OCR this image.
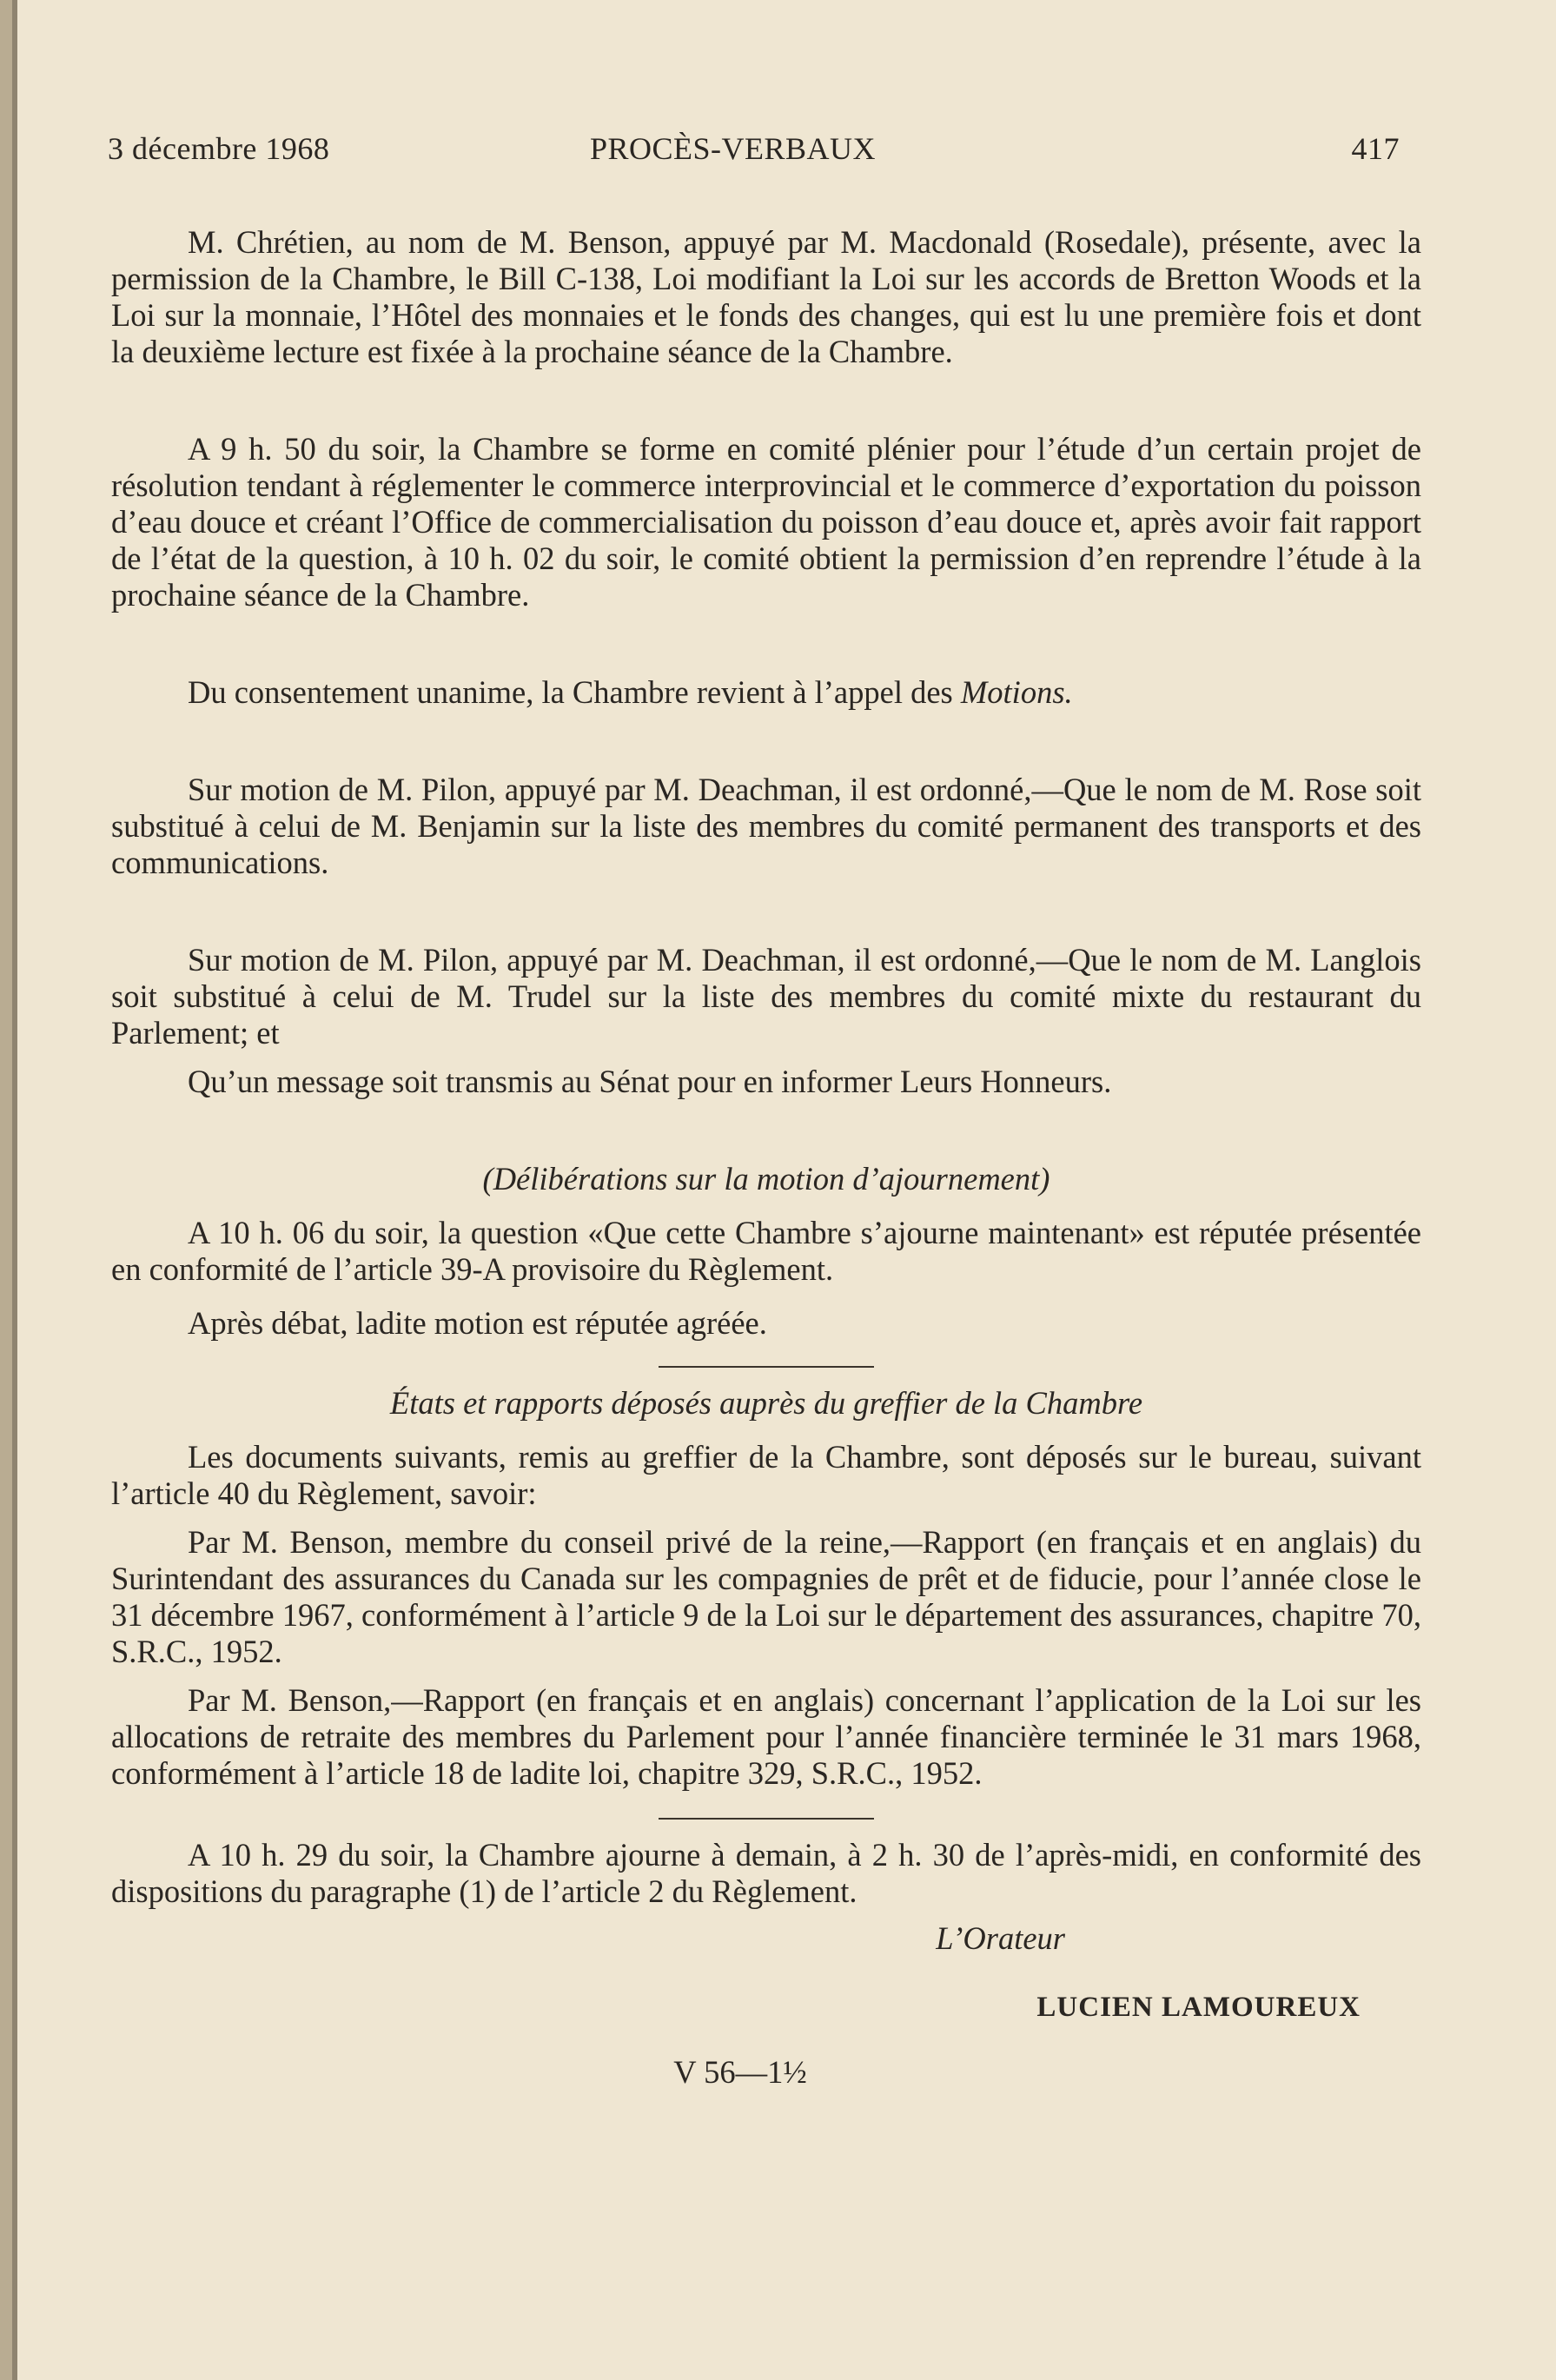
3 décembre 1968	PROCÈS-VERBAUX	417

M. Chrétien, au nom de M. Benson, appuyé par M. Macdonald (Rosedale), présente, avec la permission de la Chambre, le Bill C-138, Loi modifiant la Loi sur les accords de Bretton Woods et la Loi sur la monnaie, l’Hôtel des monnaies et le fonds des changes, qui est lu une première fois et dont la deuxième lecture est fixée à la prochaine séance de la Chambre.

A 9 h. 50 du soir, la Chambre se forme en comité plénier pour l’étude d’un certain projet de résolution tendant à réglementer le commerce interprovincial et le commerce d’exportation du poisson d’eau douce et créant l’Office de commercialisation du poisson d’eau douce et, après avoir fait rapport de l’état de la question, à 10 h. 02 du soir, le comité obtient la permission d’en reprendre l’étude à la prochaine séance de la Chambre.

Du consentement unanime, la Chambre revient à l’appel des Motions.

Sur motion de M. Pilon, appuyé par M. Deachman, il est ordonné,—Que le nom de M. Rose soit substitué à celui de M. Benjamin sur la liste des membres du comité permanent des transports et des communications.

Sur motion de M. Pilon, appuyé par M. Deachman, il est ordonné,—Que le nom de M. Langlois soit substitué à celui de M. Trudel sur la liste des membres du comité mixte du restaurant du Parlement; et

Qu’un message soit transmis au Sénat pour en informer Leurs Honneurs.

(Délibérations sur la motion d’ajournement)

A 10 h. 06 du soir, la question «Que cette Chambre s’ajourne maintenant» est réputée présentée en conformité de l’article 39-A provisoire du Règlement.

Après débat, ladite motion est réputée agréée.

États et rapports déposés auprès du greffier de la Chambre

Les documents suivants, remis au greffier de la Chambre, sont déposés sur le bureau, suivant l’article 40 du Règlement, savoir:

Par M. Benson, membre du conseil privé de la reine,—Rapport (en français et en anglais) du Surintendant des assurances du Canada sur les compagnies de prêt et de fiducie, pour l’année close le 31 décembre 1967, conformément à l’article 9 de la Loi sur le département des assurances, chapitre 70, S.R.C., 1952.

Par M. Benson,—Rapport (en français et en anglais) concernant l’application de la Loi sur les allocations de retraite des membres du Parlement pour l’année financière terminée le 31 mars 1968, conformément à l’article 18 de ladite loi, chapitre 329, S.R.C., 1952.

A 10 h. 29 du soir, la Chambre ajourne à demain, à 2 h. 30 de l’après-midi, en conformité des dispositions du paragraphe (1) de l’article 2 du Règlement.

L’Orateur

LUCIEN LAMOUREUX

V 56—1½
